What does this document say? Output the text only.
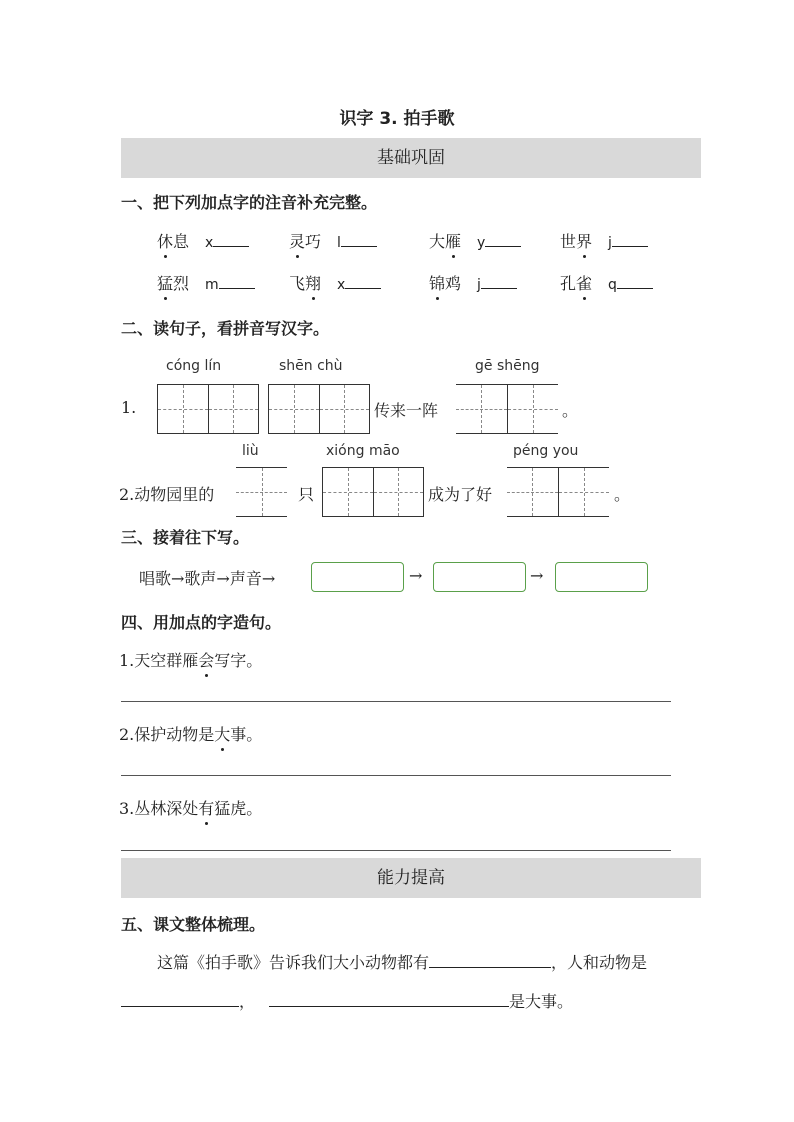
识字 3. 拍手歌
基础巩固
一、把下列加点字的注音补充完整。
休息 x	灵巧 l	大雁 y	世界 j
猛烈 m	飞翔 x	锦鸡 j	孔雀 q
二、读句子，看拼音写汉字。
cóng lín	shēn chù	gē shēng
1.	传来一阵	。
liù	xióng māo	péng you
2.动物园里的	只	成为了好	。
三、接着往下写。
唱歌→歌声→声音→	→	→
四、用加点的字造句。
1.天空群雁会写字。
2.保护动物是大事。
3.丛林深处有猛虎。
能力提高
五、课文整体梳理。
这篇《拍手歌》告诉我们大小动物都有	，人和动物是
，	是大事。
